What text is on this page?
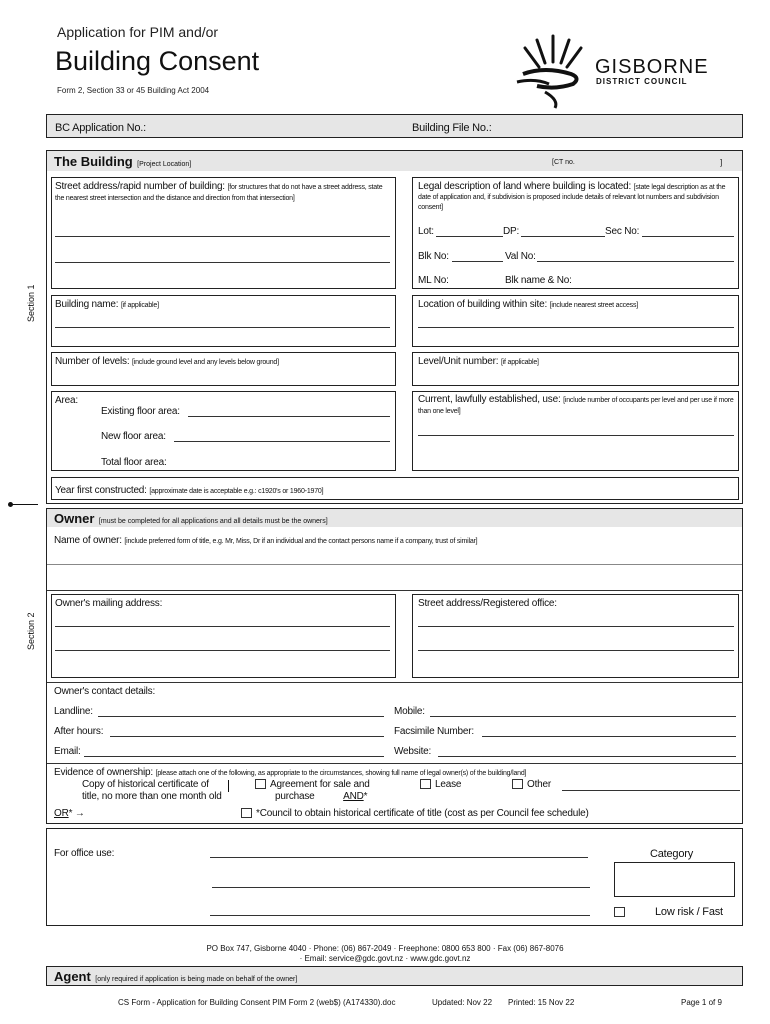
Application for PIM and/or
Building Consent
Form 2, Section 33 or 45 Building Act 2004
GISBORNE
DISTRICT COUNCIL
Section 1
Section 2
BC Application No.:	Building File No.:
The Building [Project Location]	[CT no.	]
Street address/rapid number of building: [for structures that do not have a street address, state the nearest street intersection and the distance and direction from that intersection]
Legal description of land where building is located: [state legal description as at the date of application and, if subdivision is proposed include details of relevant lot numbers and subdivision consent]
Lot:	DP:	Sec No:
Blk No:	Val No:
ML No:	Blk name & No:
Building name: [if applicable]	Location of building within site: [include nearest street access]
Number of levels: [include ground level and any levels below ground]	Level/Unit number: [if applicable]
Area:
Existing floor area:
New floor area:
Total floor area:
Current, lawfully established, use: [include number of occupants per level and per use if more than one level]
Year first constructed: [approximate date is acceptable e.g.: c1920's or 1960-1970]
Owner [must be completed for all applications and all details must be the owners]
Name of owner: [include preferred form of title, e.g. Mr, Miss, Dr if an individual and the contact persons name if a company, trust of similar]
Owner's mailing address:	Street address/Registered office:
Owner's contact details:
Landline:	Mobile:
After hours:	Facsimile Number:
Email:	Website:
Evidence of ownership: [please attach one of the following, as appropriate to the circumstances, showing full name of legal owner(s) of the building/land]
Copy of historical certificate of
title, no more than one month old
Agreement for sale and
purchase	AND*
Lease	Other
OR* →	*Council to obtain historical certificate of title (cost as per Council fee schedule)
For office use:	Category
Low risk / Fast
PO Box 747, Gisborne 4040 · Phone: (06) 867-2049 · Freephone: 0800 653 800 · Fax (06) 867-8076
· Email: service@gdc.govt.nz · www.gdc.govt.nz
Agent [only required if application is being made on behalf of the owner]
CS Form - Application for Building Consent PIM Form 2 (web$) (A174330).doc	Updated: Nov 22 Printed: 15 Nov 22	Page 1 of 9
